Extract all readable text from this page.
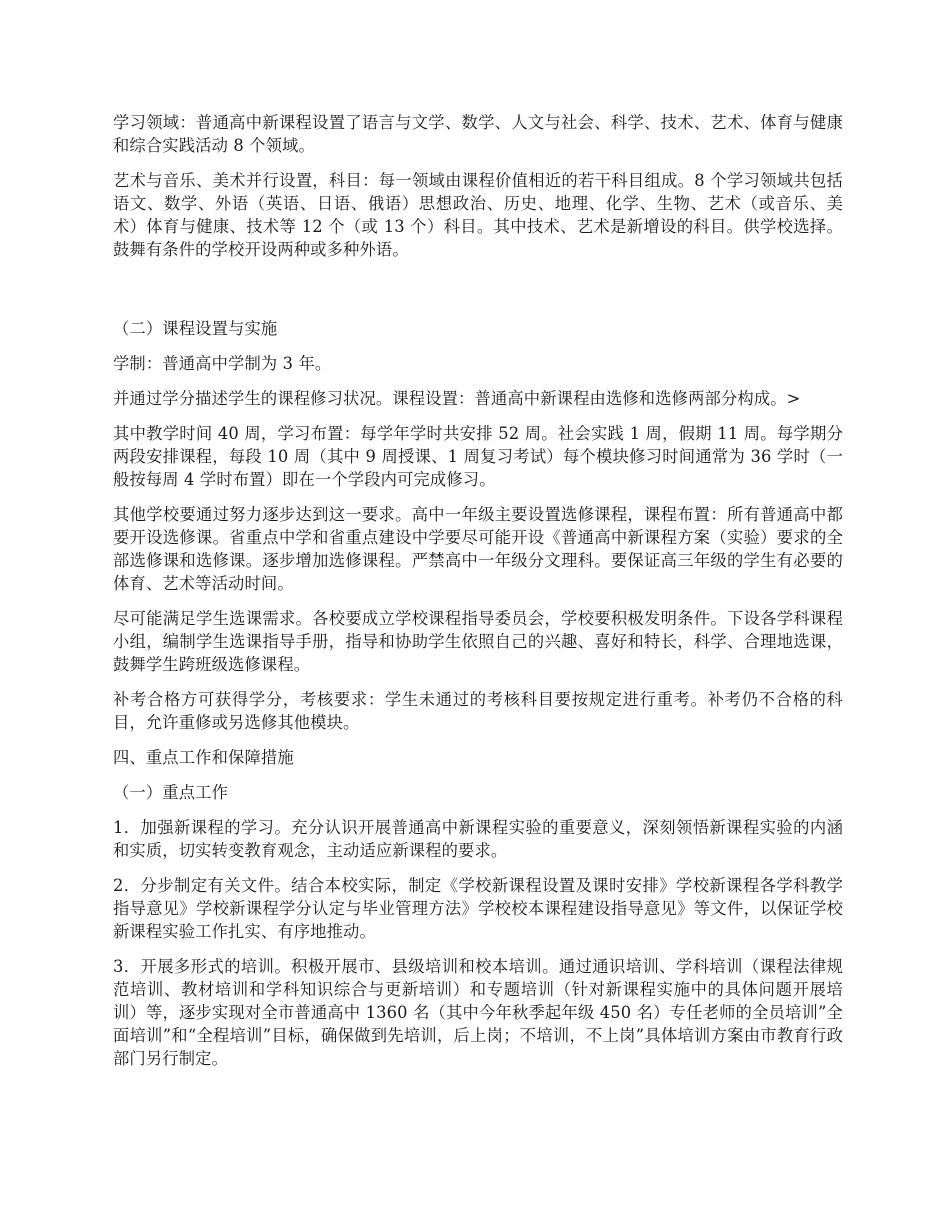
学习领域：普通高中新课程设置了语言与文学、数学、人文与社会、科学、技术、艺术、体育与健康和综合实践活动 8 个领域。

艺术与音乐、美术并行设置，科目：每一领域由课程价值相近的若干科目组成。8 个学习领域共包括语文、数学、外语（英语、日语、俄语）思想政治、历史、地理、化学、生物、艺术（或音乐、美术）体育与健康、技术等 12 个（或 13 个）科目。其中技术、艺术是新增设的科目。供学校选择。鼓舞有条件的学校开设两种或多种外语。

（二）课程设置与实施

学制：普通高中学制为 3 年。

并通过学分描述学生的课程修习状况。课程设置：普通高中新课程由选修和选修两部分构成。>

其中教学时间 40 周，学习布置：每学年学时共安排 52 周。社会实践 1 周，假期 11 周。每学期分两段安排课程，每段 10 周（其中 9 周授课、1 周复习考试）每个模块修习时间通常为 36 学时（一般按每周 4 学时布置）即在一个学段内可完成修习。

其他学校要通过努力逐步达到这一要求。高中一年级主要设置选修课程，课程布置：所有普通高中都要开设选修课。省重点中学和省重点建设中学要尽可能开设《普通高中新课程方案（实验）要求的全部选修课和选修课。逐步增加选修课程。严禁高中一年级分文理科。要保证高三年级的学生有必要的体育、艺术等活动时间。

尽可能满足学生选课需求。各校要成立学校课程指导委员会，学校要积极发明条件。下设各学科课程小组，编制学生选课指导手册，指导和协助学生依照自己的兴趣、喜好和特长，科学、合理地选课，鼓舞学生跨班级选修课程。

补考合格方可获得学分，考核要求：学生未通过的考核科目要按规定进行重考。补考仍不合格的科目，允许重修或另选修其他模块。

四、重点工作和保障措施

（一）重点工作

1．加强新课程的学习。充分认识开展普通高中新课程实验的重要意义，深刻领悟新课程实验的内涵和实质，切实转变教育观念，主动适应新课程的要求。

2．分步制定有关文件。结合本校实际，制定《学校新课程设置及课时安排》学校新课程各学科教学指导意见》学校新课程学分认定与毕业管理方法》学校校本课程建设指导意见》等文件，以保证学校新课程实验工作扎实、有序地推动。

3．开展多形式的培训。积极开展市、县级培训和校本培训。通过通识培训、学科培训（课程法律规范培训、教材培训和学科知识综合与更新培训）和专题培训（针对新课程实施中的具体问题开展培训）等，逐步实现对全市普通高中 1360 名（其中今年秋季起年级 450 名）专任老师的全员培训”全面培训”和“全程培训”目标，确保做到先培训，后上岗；不培训，不上岗”具体培训方案由市教育行政部门另行制定。
